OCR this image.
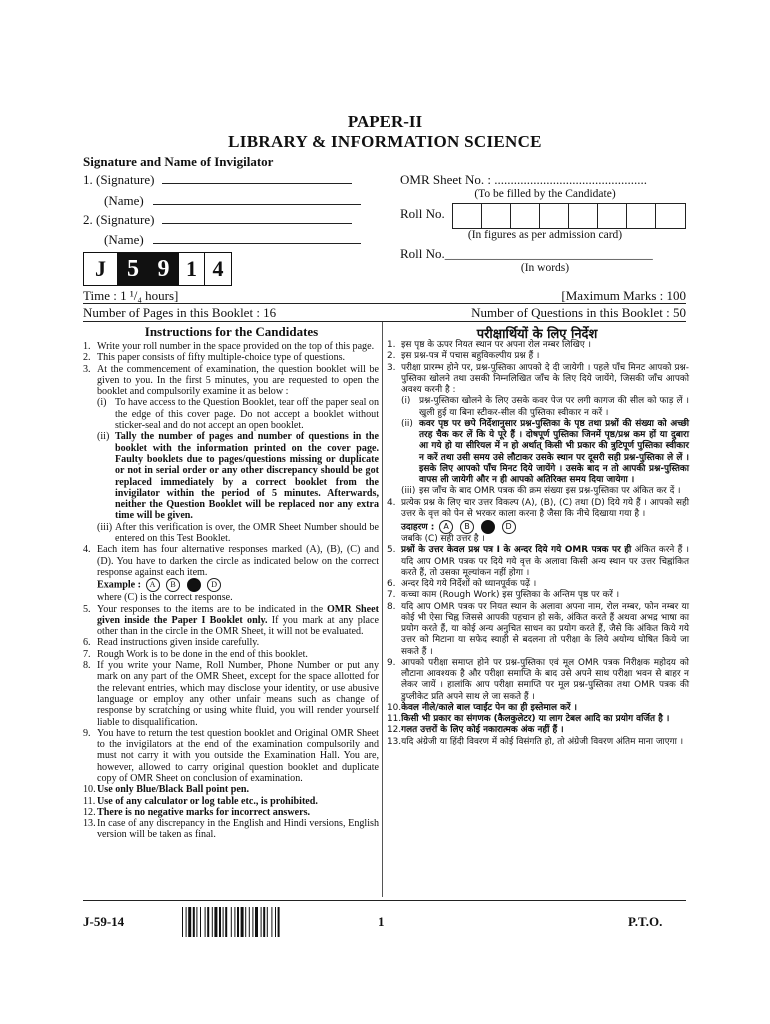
PAPER-II
LIBRARY & INFORMATION SCIENCE
Signature and Name of Invigilator
1. (Signature)
(Name)
2. (Signature)
(Name)
OMR Sheet No. : ...............................................
(To be filled by the Candidate)
Roll No.
(In figures as per admission card)
Roll No.________________________________
(In words)
J 5 9 1 4
Time : 1 ¹/₄ hours]	[Maximum Marks : 100
Number of Pages in this Booklet : 16	Number of Questions in this Booklet : 50
Instructions for the Candidates	परीक्षार्थियों के लिए निर्देश
1. Write your roll number in the space provided on the top of this page.
2. This paper consists of fifty multiple-choice type of questions.
3. At the commencement of examination, the question booklet will be given to you. In the first 5 minutes, you are requested to open the booklet and compulsorily examine it as below :
(i) To have access to the Question Booklet, tear off the paper seal on the edge of this cover page. Do not accept a booklet without sticker-seal and do not accept an open booklet.
(ii) Tally the number of pages and number of questions in the booklet with the information printed on the cover page. Faulty booklets due to pages/questions missing or duplicate or not in serial order or any other discrepancy should be got replaced immediately by a correct booklet from the invigilator within the period of 5 minutes. Afterwards, neither the Question Booklet will be replaced nor any extra time will be given.
(iii) After this verification is over, the OMR Sheet Number should be entered on this Test Booklet.
4. Each item has four alternative responses marked (A), (B), (C) and (D). You have to darken the circle as indicated below on the correct response against each item.
Example : A B	D
where (C) is the correct response.
5. Your responses to the items are to be indicated in the OMR Sheet given inside the Paper I Booklet only. If you mark at any place other than in the circle in the OMR Sheet, it will not be evaluated.
6. Read instructions given inside carefully.
7. Rough Work is to be done in the end of this booklet.
8. If you write your Name, Roll Number, Phone Number or put any mark on any part of the OMR Sheet, except for the space allotted for the relevant entries, which may disclose your identity, or use abusive language or employ any other unfair means such as change of response by scratching or using white fluid, you will render yourself liable to disqualification.
9. You have to return the test question booklet and Original OMR Sheet to the invigilators at the end of the examination compulsorily and must not carry it with you outside the Examination Hall. You are, however, allowed to carry original question booklet and duplicate copy of OMR Sheet on conclusion of examination.
10. Use only Blue/Black Ball point pen.
11. Use of any calculator or log table etc., is prohibited.
12. There is no negative marks for incorrect answers.
13. In case of any discrepancy in the English and Hindi versions, English version will be taken as final.
1. इस पृष्ठ के ऊपर नियत स्थान पर अपना रोल नम्बर लिखिए ।
2. इस प्रश्न-पत्र में पचास बहुविकल्पीय प्रश्न हैं ।
3. परीक्षा प्रारम्भ होने पर, प्रश्न-पुस्तिका आपको दे दी जायेगी । पहले पाँच मिनट आपको प्रश्न-पुस्तिका खोलने तथा उसकी निम्नलिखित जाँच के लिए दिये जायेंगे, जिसकी जाँच आपको अवश्य करनी है :
(i) प्रश्न-पुस्तिका खोलने के लिए उसके कवर पेज पर लगी कागज की सील को फाड़ लें । खुली हुई या बिना स्टीकर-सील की पुस्तिका स्वीकार न करें ।
(ii) कवर पृष्ठ पर छपे निर्देशानुसार प्रश्न-पुस्तिका के पृष्ठ तथा प्रश्नों की संख्या को अच्छी तरह चैक कर लें कि ये पूरे हैं । दोषपूर्ण पुस्तिका जिनमें पृष्ठ/प्रश्न कम हों या दुबारा आ गये हो या सीरियल में न हो अर्थात् किसी भी प्रकार की त्रुटिपूर्ण पुस्तिका स्वीकार न करें तथा उसी समय उसे लौटाकर उसके स्थान पर दूसरी सही प्रश्न-पुस्तिका ले लें । इसके लिए आपको पाँच मिनट दिये जायेंगे । उसके बाद न तो आपकी प्रश्न-पुस्तिका वापस ली जायेगी और न ही आपको अतिरिक्त समय दिया जायेगा ।
(iii) इस जाँच के बाद OMR पत्रक की क्रम संख्या इस प्रश्न-पुस्तिका पर अंकित कर दें ।
4. प्रत्येक प्रश्न के लिए चार उत्तर विकल्प (A), (B), (C) तथा (D) दिये गये हैं । आपको सही उत्तर के वृत्त को पेन से भरकर काला करना है जैसा कि नीचे दिखाया गया है ।
उदाहरण : A B	D
जबकि (C) सही उत्तर है ।
5. प्रश्नों के उत्तर केवल प्रश्न पत्र I के अन्दर दिये गये OMR पत्रक पर ही अंकित करने हैं । यदि आप OMR पत्रक पर दिये गये वृत्त के अलावा किसी अन्य स्थान पर उत्तर चिह्नांकित करते हैं, तो उसका मूल्यांकन नहीं होगा ।
6. अन्दर दिये गये निर्देशों को ध्यानपूर्वक पढ़ें ।
7. कच्चा काम (Rough Work) इस पुस्तिका के अन्तिम पृष्ठ पर करें ।
8. यदि आप OMR पत्रक पर नियत स्थान के अलावा अपना नाम, रोल नम्बर, फोन नम्बर या कोई भी ऐसा चिह्न जिससे आपकी पहचान हो सके, अंकित करते हैं अथवा अभद्र भाषा का प्रयोग करते हैं, या कोई अन्य अनुचित साधन का प्रयोग करते हैं, जैसे कि अंकित किये गये उत्तर को मिटाना या सफेद स्याही से बदलना तो परीक्षा के लिये अयोग्य घोषित किये जा सकते हैं ।
9. आपको परीक्षा समाप्त होने पर प्रश्न-पुस्तिका एवं मूल OMR पत्रक निरीक्षक महोदय को लौटाना आवश्यक है और परीक्षा समाप्ति के बाद उसे अपने साथ परीक्षा भवन से बाहर न लेकर जायें । हालांकि आप परीक्षा समाप्ति पर मूल प्रश्न-पुस्तिका तथा OMR पत्रक की डुप्लीकेट प्रति अपने साथ ले जा सकते हैं ।
10. केवल नीले/काले बाल प्वाईंट पेन का ही इस्तेमाल करें ।
11. किसी भी प्रकार का संगणक (कैलकुलेटर) या लाग टेबल आदि का प्रयोग वर्जित है ।
12. गलत उत्तरों के लिए कोई नकारात्मक अंक नहीं हैं ।
13. यदि अंग्रेजी या हिंदी विवरण में कोई विसंगति हो, तो अंग्रेजी विवरण अंतिम माना जाएगा ।
J-59-14	1	P.T.O.
